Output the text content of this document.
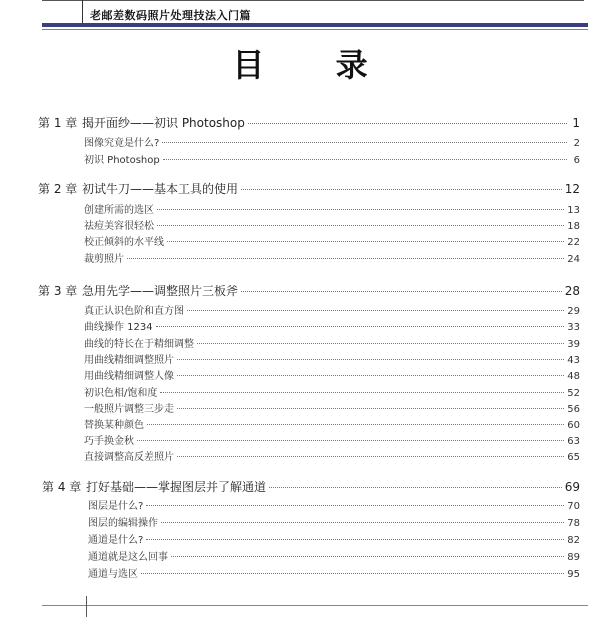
老邮差数码照片处理技法入门篇
目 录
第 1 章 揭开面纱——初识 Photoshop	1
图像究竟是什么?	2
初识 Photoshop	6
第 2 章 初试牛刀——基本工具的使用	12
创建所需的选区	13
祛痘美容很轻松	18
校正倾斜的水平线	22
裁剪照片	24
第 3 章 急用先学——调整照片三板斧	28
真正认识色阶和直方图	29
曲线操作 1234	33
曲线的特长在于精细调整	39
用曲线精细调整照片	43
用曲线精细调整人像	48
初识色相/饱和度	52
一般照片调整三步走	56
替换某种颜色	60
巧手换金秋	63
直接调整高反差照片	65
第 4 章 打好基础——掌握图层并了解通道	69
图层是什么?	70
图层的编辑操作	78
通道是什么?	82
通道就是这么回事	89
通道与选区	95
